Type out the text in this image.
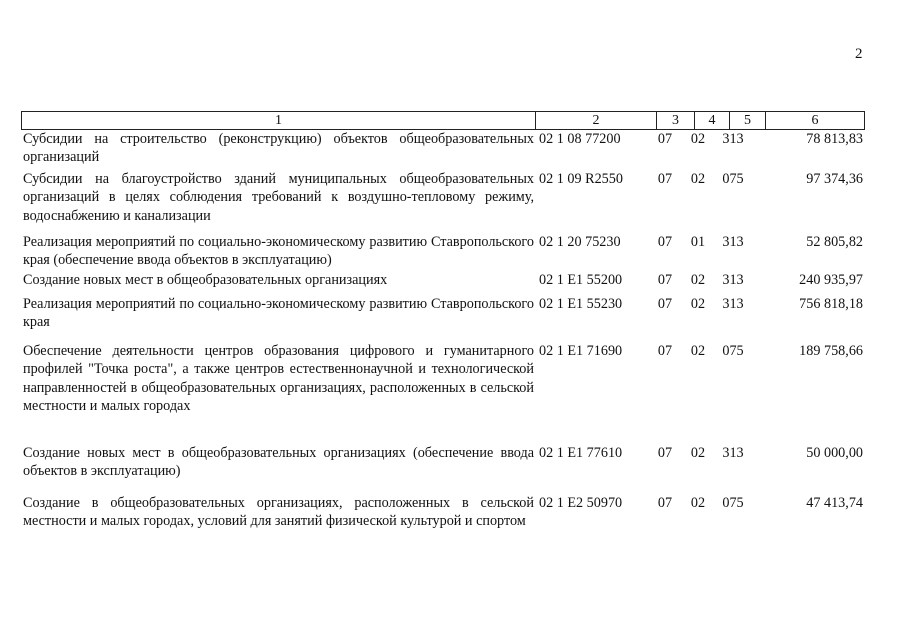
2
1	2	3	4	5	6
Субсидии на строительство (реконструкцию) объектов общеобразовательных организаций
02 1 08 77200	07	02	313	78 813,83
Субсидии на благоустройство зданий муниципальных общеобразовательных организаций в целях соблюдения требований к воздушно-тепловому режиму, водоснабжению и канализации
02 1 09 R2550	07	02	075	97 374,36
Реализация мероприятий по социально-экономическому развитию Ставропольского края (обеспечение ввода объектов в эксплуатацию)
02 1 20 75230	07	01	313	52 805,82
Создание новых мест в общеобразовательных организациях	02 1 E1 55200	07	02	313	240 935,97
Реализация мероприятий по социально-экономическому развитию Ставропольского края
02 1 E1 55230	07	02	313	756 818,18
Обеспечение деятельности центров образования цифрового и гуманитарного профилей "Точка роста", а также центров естественнонаучной и технологической направленностей в общеобразовательных организациях, расположенных в сельской местности и малых городах
02 1 E1 71690	07	02	075	189 758,66
Создание новых мест в общеобразовательных организациях (обеспечение ввода объектов в эксплуатацию)
02 1 E1 77610	07	02	313	50 000,00
Создание в общеобразовательных организациях, расположенных в сельской местности и малых городах, условий для занятий физической культурой и спортом
02 1 E2 50970	07	02	075	47 413,74
